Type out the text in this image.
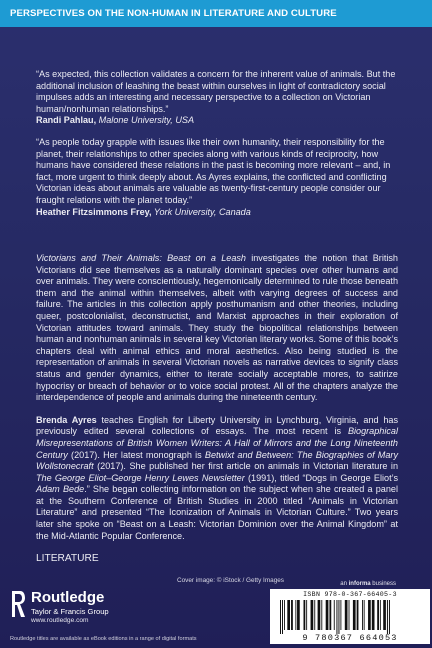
PERSPECTIVES ON THE NON-HUMAN IN LITERATURE AND CULTURE

“As expected, this collection validates a concern for the inherent value of animals. But the additional inclusion of leashing the beast within ourselves in light of contradictory social impulses adds an interesting and necessary perspective to a collection on Victorian human/nonhuman relationships.”
Randi Pahlau, Malone University, USA

“As people today grapple with issues like their own humanity, their responsibility for the planet, their relationships to other species along with various kinds of reciprocity, how humans have considered these relations in the past is becoming more relevant – and, in fact, more urgent to think deeply about. As Ayres explains, the conflicted and conflicting Victorian ideas about animals are valuable as twenty-first-century people consider our fraught relations with the planet today.”
Heather Fitzsimmons Frey, York University, Canada

Victorians and Their Animals: Beast on a Leash investigates the notion that British Victorians did see themselves as a naturally dominant species over other humans and over animals. They were conscientiously, hegemonically determined to rule those beneath them and the animal within themselves, albeit with varying degrees of success and failure. The articles in this collection apply posthumanism and other theories, including queer, postcolonialist, deconstructist, and Marxist approaches in their exploration of Victorian attitudes toward animals. They study the biopolitical relationships between human and nonhuman animals in several key Victorian literary works. Some of this book’s chapters deal with animal ethics and moral aesthetics. Also being studied is the representation of animals in several Victorian novels as narrative devices to signify class status and gender dynamics, either to iterate socially acceptable mores, to satirize hypocrisy or breach of behavior or to voice social protest. All of the chapters analyze the interdependence of people and animals during the nineteenth century.

Brenda Ayres teaches English for Liberty University in Lynchburg, Virginia, and has previously edited several collections of essays. The most recent is Biographical Misrepresentations of British Women Writers: A Hall of Mirrors and the Long Nineteenth Century (2017). Her latest monograph is Betwixt and Between: The Biographies of Mary Wollstonecraft (2017). She published her first article on animals in Victorian literature in The George Eliot–George Henry Lewes Newsletter (1991), titled “Dogs in George Eliot’s Adam Bede.” She began collecting information on the subject when she created a panel at the Southern Conference of British Studies in 2000 titled “Animals in Victorian Literature” and presented “The Iconization of Animals in Victorian Culture.” Two years later she spoke on “Beast on a Leash: Victorian Dominion over the Animal Kingdom” at the Mid-Atlantic Popular Conference.

LITERATURE
Cover image: © iStock / Getty Images	an informa business
Routledge
Taylor & Francis Group
www.routledge.com
Routledge titles are available as eBook editions in a range of digital formats
ISBN 978-0-367-66405-3
9 780367 664053
